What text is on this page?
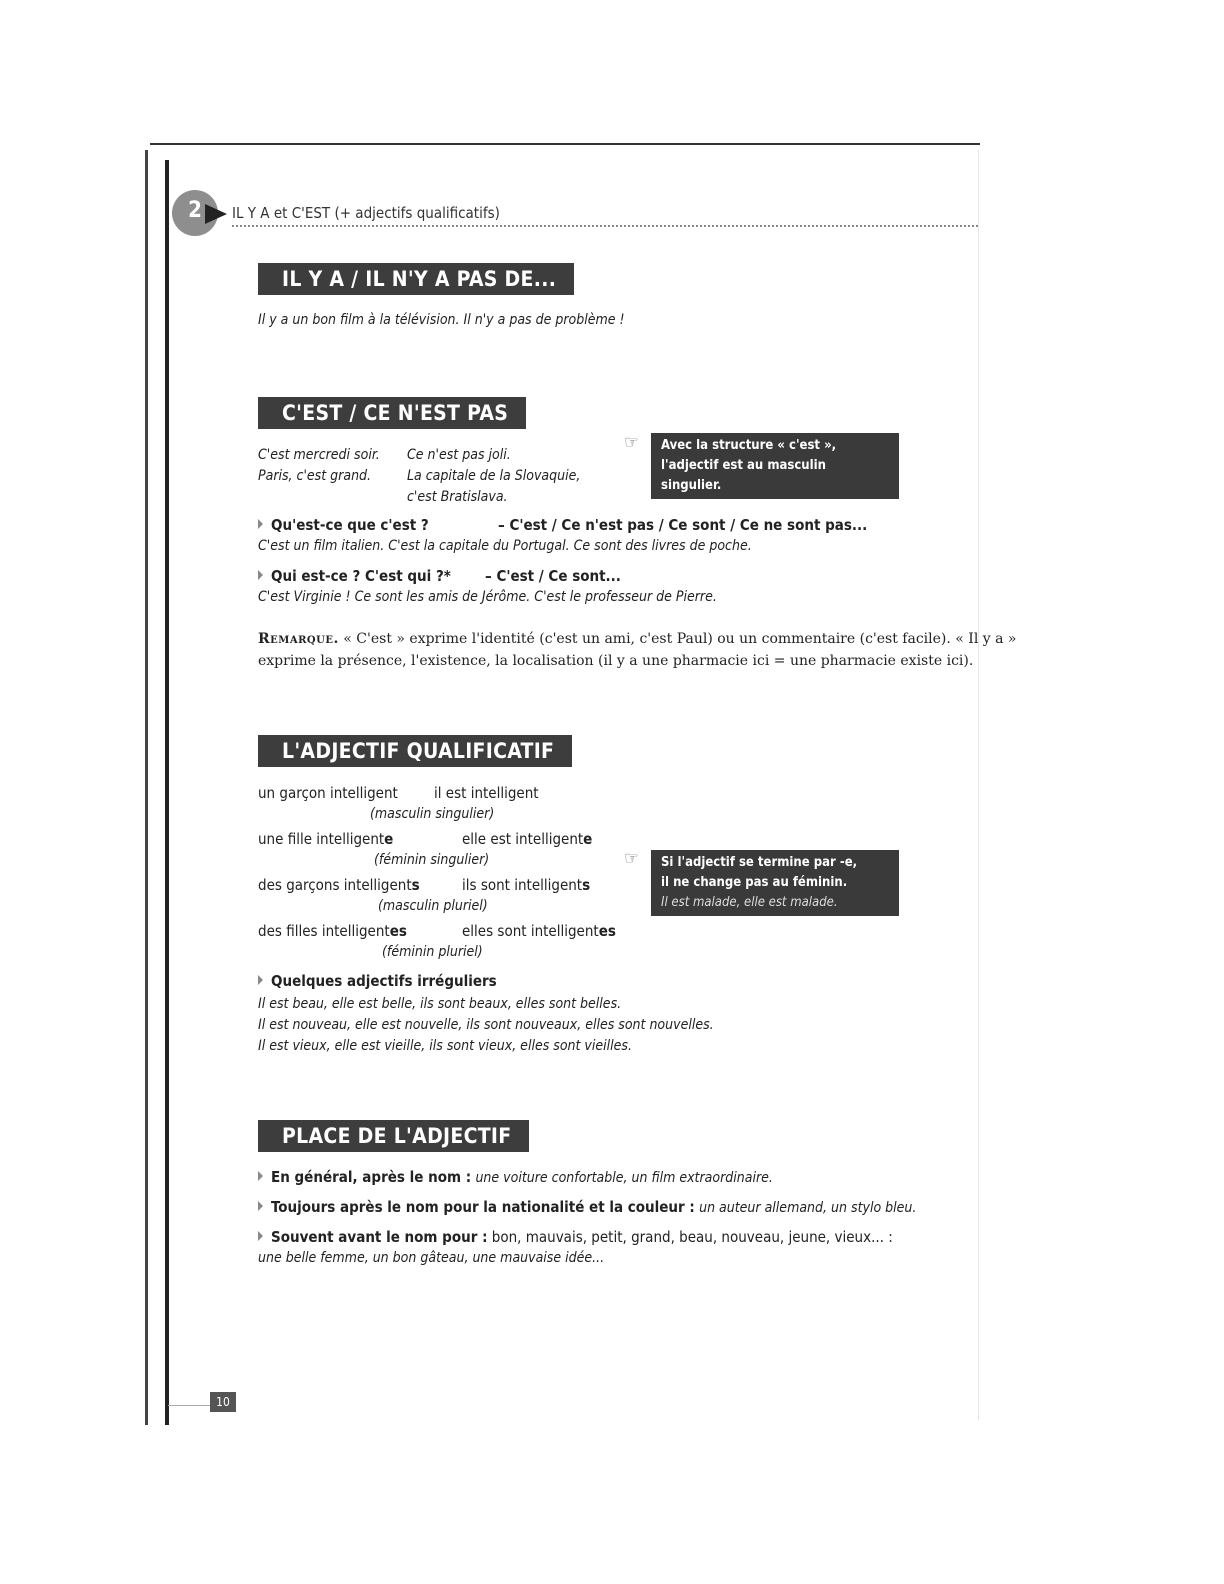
2	IL Y A et C'EST (+ adjectifs qualificatifs)
IL Y A / IL N'Y A PAS DE...
Il y a un bon film à la télévision. Il n'y a pas de problème !
C'EST / CE N'EST PAS
C'est mercredi soir.
Paris, c'est grand.
Ce n'est pas joli.
La capitale de la Slovaquie,
c'est Bratislava.
☞ Avec la structure « c'est »,
l'adjectif est au masculin
singulier.
Qu'est-ce que c'est ?	– C'est / Ce n'est pas / Ce sont / Ce ne sont pas...
C'est un film italien. C'est la capitale du Portugal. Ce sont des livres de poche.
Qui est-ce ? C'est qui ?* – C'est / Ce sont...
C'est Virginie ! Ce sont les amis de Jérôme. C'est le professeur de Pierre.
Remarque. « C'est » exprime l'identité (c'est un ami, c'est Paul) ou un commentaire (c'est facile). « Il y a »
exprime la présence, l'existence, la localisation (il y a une pharmacie ici = une pharmacie existe ici).
L'ADJECTIF QUALIFICATIF
un garçon intelligent il est intelligent
(masculin singulier)
une fille intelligente	elle est intelligente
(féminin singulier)
des garçons intelligents	ils sont intelligents
(masculin pluriel)
des filles intelligentes	elles sont intelligentes
(féminin pluriel)
☞ Si l'adjectif se termine par -e,
il ne change pas au féminin.
Il est malade, elle est malade.
Quelques adjectifs irréguliers
Il est beau, elle est belle, ils sont beaux, elles sont belles.
Il est nouveau, elle est nouvelle, ils sont nouveaux, elles sont nouvelles.
Il est vieux, elle est vieille, ils sont vieux, elles sont vieilles.
PLACE DE L'ADJECTIF
En général, après le nom : une voiture confortable, un film extraordinaire.
Toujours après le nom pour la nationalité et la couleur : un auteur allemand, un stylo bleu.
Souvent avant le nom pour : bon, mauvais, petit, grand, beau, nouveau, jeune, vieux... :
une belle femme, un bon gâteau, une mauvaise idée...
10
